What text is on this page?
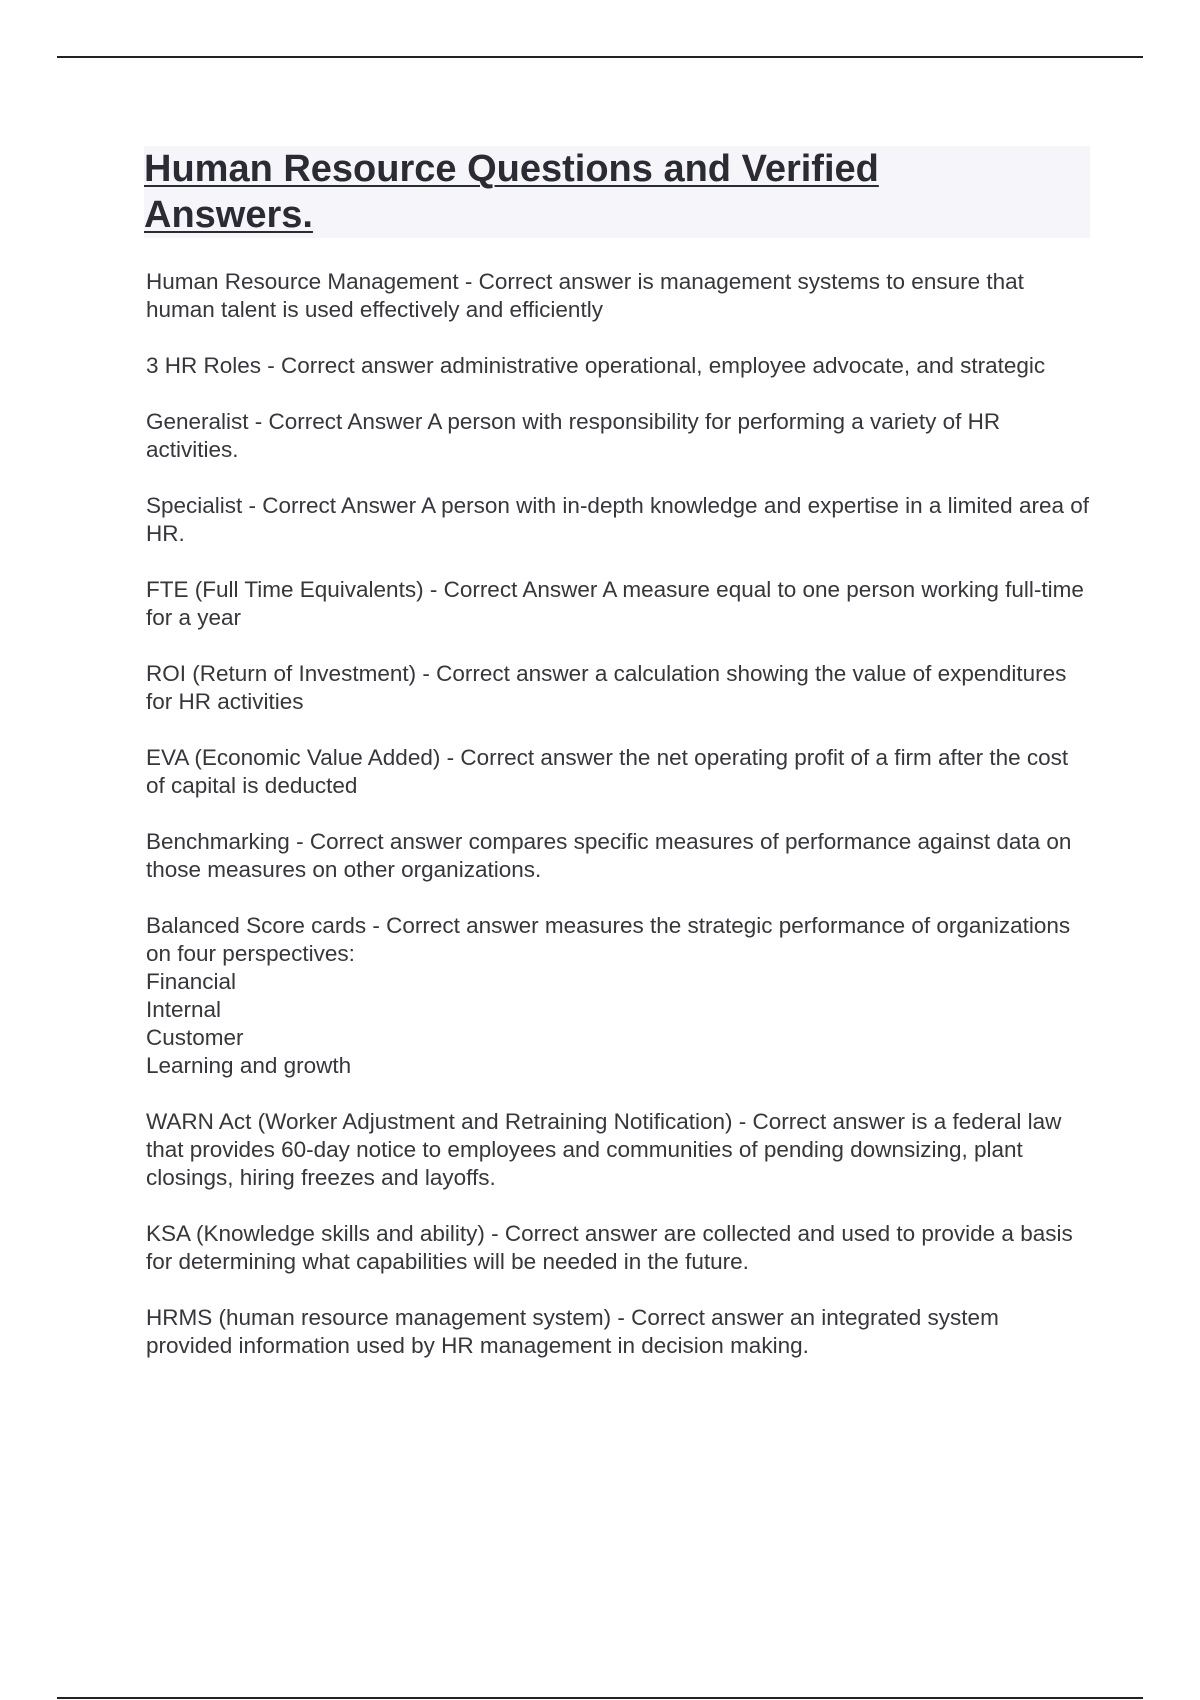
Human Resource Questions and Verified Answers.
Human Resource Management - Correct answer is management systems to ensure that human talent is used effectively and efficiently
3 HR Roles - Correct answer administrative operational, employee advocate, and strategic
Generalist - Correct Answer A person with responsibility for performing a variety of HR activities.
Specialist - Correct Answer A person with in-depth knowledge and expertise in a limited area of HR.
FTE (Full Time Equivalents) - Correct Answer A measure equal to one person working full-time for a year
ROI (Return of Investment) - Correct answer a calculation showing the value of expenditures for HR activities
EVA (Economic Value Added) - Correct answer the net operating profit of a firm after the cost of capital is deducted
Benchmarking - Correct answer compares specific measures of performance against data on those measures on other organizations.
Balanced Score cards - Correct answer measures the strategic performance of organizations on four perspectives:
Financial
Internal
Customer
Learning and growth
WARN Act (Worker Adjustment and Retraining Notification) - Correct answer is a federal law that provides 60-day notice to employees and communities of pending downsizing, plant closings, hiring freezes and layoffs.
KSA (Knowledge skills and ability) - Correct answer are collected and used to provide a basis for determining what capabilities will be needed in the future.
HRMS (human resource management system) - Correct answer an integrated system provided information used by HR management in decision making.
